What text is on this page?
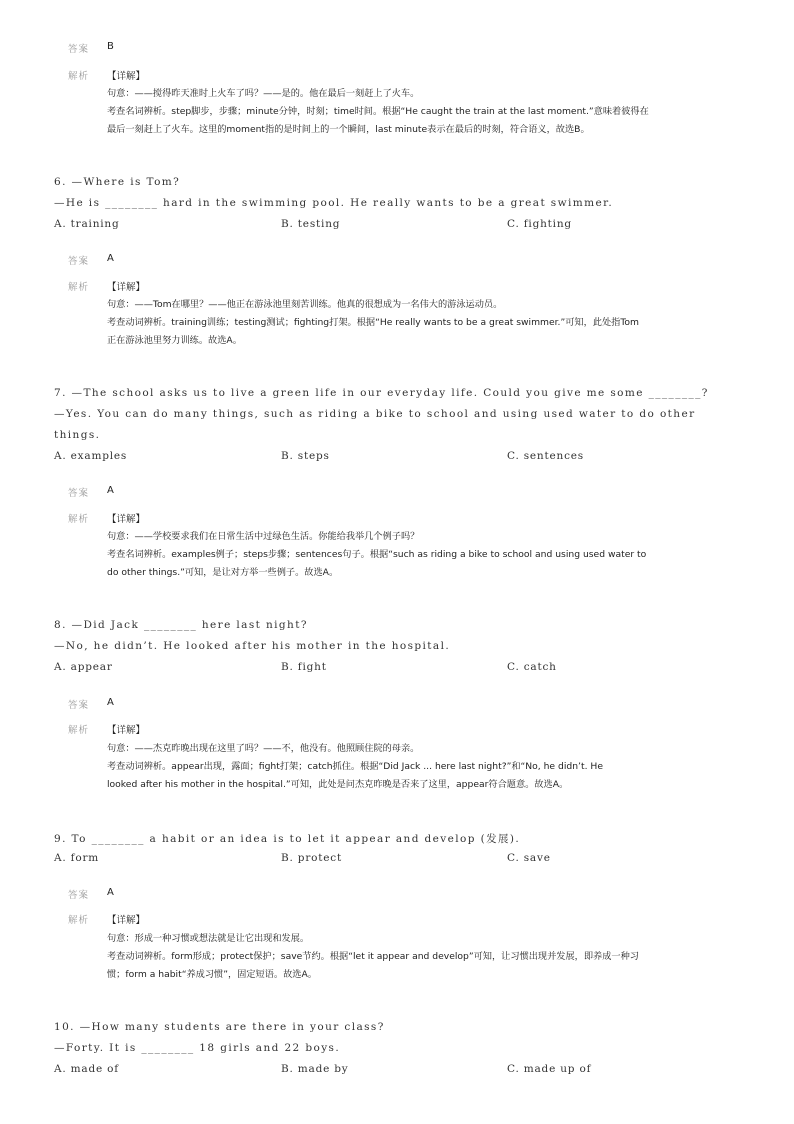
答案 B
解析 【详解】
句意：——搅得昨天准时上火车了吗？——是的。他在最后一刻赶上了火车。
考查名词辨析。step脚步，步骤；minute分钟，时刻；time时间。根据“He caught the train at the last moment.”意味着彼得在
最后一刻赶上了火车。这里的moment指的是时间上的一个瞬间，last minute表示在最后的时刻，符合语义，故选B。
6. —Where is Tom?
—He is ________ hard in the swimming pool. He really wants to be a great swimmer.
A. training	B. testing	C. fighting
答案 A
解析 【详解】
句意：——Tom在哪里？——他正在游泳池里刻苦训练。他真的很想成为一名伟大的游泳运动员。
考查动词辨析。training训练；testing测试；fighting打架。根据“He really wants to be a great swimmer.”可知，此处指Tom
正在游泳池里努力训练。故选A。
7. —The school asks us to live a green life in our everyday life. Could you give me some ________?
—Yes. You can do many things, such as riding a bike to school and using used water to do other
things.
A. examples	B. steps	C. sentences
答案 A
解析 【详解】
句意：——学校要求我们在日常生活中过绿色生活。你能给我举几个例子吗？
考查名词辨析。examples例子；steps步骤；sentences句子。根据“such as riding a bike to school and using used water to
do other things.”可知，是让对方举一些例子。故选A。
8. —Did Jack ________ here last night?
—No, he didn’t. He looked after his mother in the hospital.
A. appear	B. fight	C. catch
答案 A
解析 【详解】
句意：——杰克昨晚出现在这里了吗？——不，他没有。他照顾住院的母亲。
考查动词辨析。appear出现，露面；fight打架；catch抓住。根据“Did Jack ... here last night?”和“No, he didn’t. He
looked after his mother in the hospital.”可知，此处是问杰克昨晚是否来了这里，appear符合题意。故选A。
9. To ________ a habit or an idea is to let it appear and develop (发展).
A. form	B. protect	C. save
答案 A
解析 【详解】
句意：形成一种习惯或想法就是让它出现和发展。
考查动词辨析。form形成；protect保护；save节约。根据“let it appear and develop”可知，让习惯出现并发展，即养成一种习
惯；form a habit“养成习惯”，固定短语。故选A。
10. —How many students are there in your class?
—Forty. It is ________ 18 girls and 22 boys.
A. made of	B. made by	C. made up of
